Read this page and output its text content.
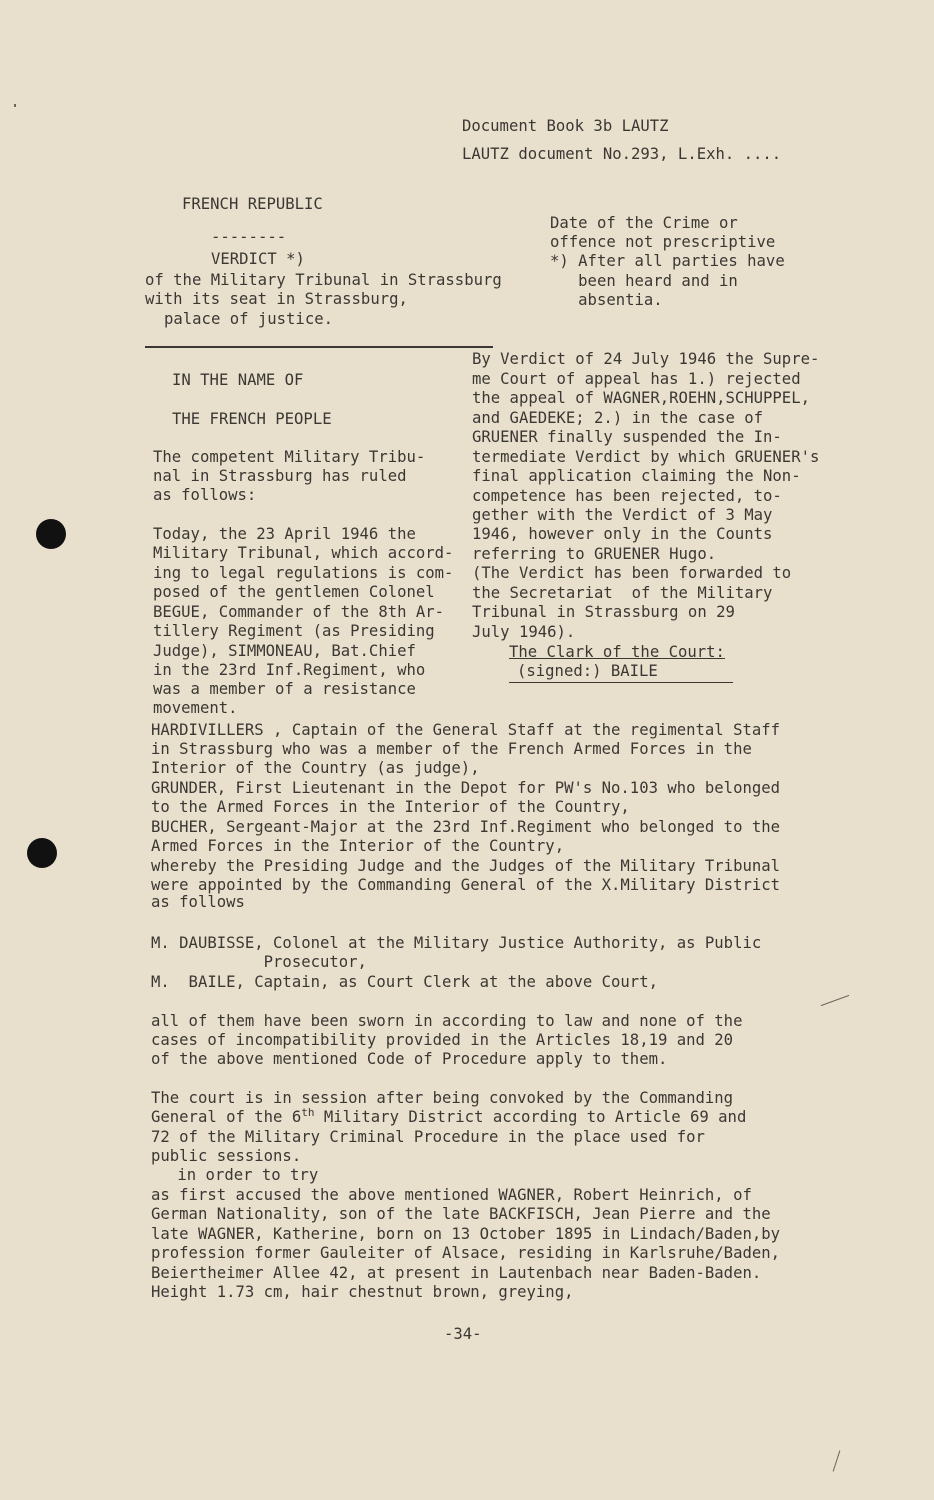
Document Book 3b LAUTZ
LAUTZ document No.293, L.Exh. ....
FRENCH REPUBLIC
--------
VERDICT *)
of the Military Tribunal in Strassburg
with its seat in Strassburg,
palace of justice.
Date of the Crime or
offence not prescriptive
*) After all parties have
been heard and in
absentia.
IN THE NAME OF
THE FRENCH PEOPLE
The competent Military Tribu-
nal in Strassburg has ruled
as follows:
Today, the 23 April 1946 the
Military Tribunal, which accord-
ing to legal regulations is com-
posed of the gentlemen Colonel
BEGUE, Commander of the 8th Ar-
tillery Regiment (as Presiding
Judge), SIMMONEAU, Bat.Chief
in the 23rd Inf.Regiment, who
was a member of a resistance
movement.
By Verdict of 24 July 1946 the Supre-
me Court of appeal has 1.) rejected
the appeal of WAGNER,ROEHN,SCHUPPEL,
and GAEDEKE; 2.) in the case of
GRUENER finally suspended the In-
termediate Verdict by which GRUENER's
final application claiming the Non-
competence has been rejected, to-
gether with the Verdict of 3 May
1946, however only in the Counts
referring to GRUENER Hugo.
(The Verdict has been forwarded to
the Secretariat  of the Military
Tribunal in Strassburg on 29
July 1946).
The Clark of the Court:
(signed:) BAILE
HARDIVILLERS , Captain of the General Staff at the regimental Staff
in Strassburg who was a member of the French Armed Forces in the
Interior of the Country (as judge),
GRUNDER, First Lieutenant in the Depot for PW's No.103 who belonged
to the Armed Forces in the Interior of the Country,
BUCHER, Sergeant-Major at the 23rd Inf.Regiment who belonged to the
Armed Forces in the Interior of the Country,
whereby the Presiding Judge and the Judges of the Military Tribunal
were appointed by the Commanding General of the X.Military District
as follows
M. DAUBISSE, Colonel at the Military Justice Authority, as Public
Prosecutor,
M.  BAILE, Captain, as Court Clerk at the above Court,
all of them have been sworn in according to law and none of the
cases of incompatibility provided in the Articles 18,19 and 20
of the above mentioned Code of Procedure apply to them.
The court is in session after being convoked by the Commanding
General of the 6th Military District according to Article 69 and
72 of the Military Criminal Procedure in the place used for
public sessions.
in order to try
as first accused the above mentioned WAGNER, Robert Heinrich, of
German Nationality, son of the late BACKFISCH, Jean Pierre and the
late WAGNER, Katherine, born on 13 October 1895 in Lindach/Baden,by
profession former Gauleiter of Alsace, residing in Karlsruhe/Baden,
Beiertheimer Allee 42, at present in Lautenbach near Baden-Baden.
Height 1.73 cm, hair chestnut brown, greying,
-34-
